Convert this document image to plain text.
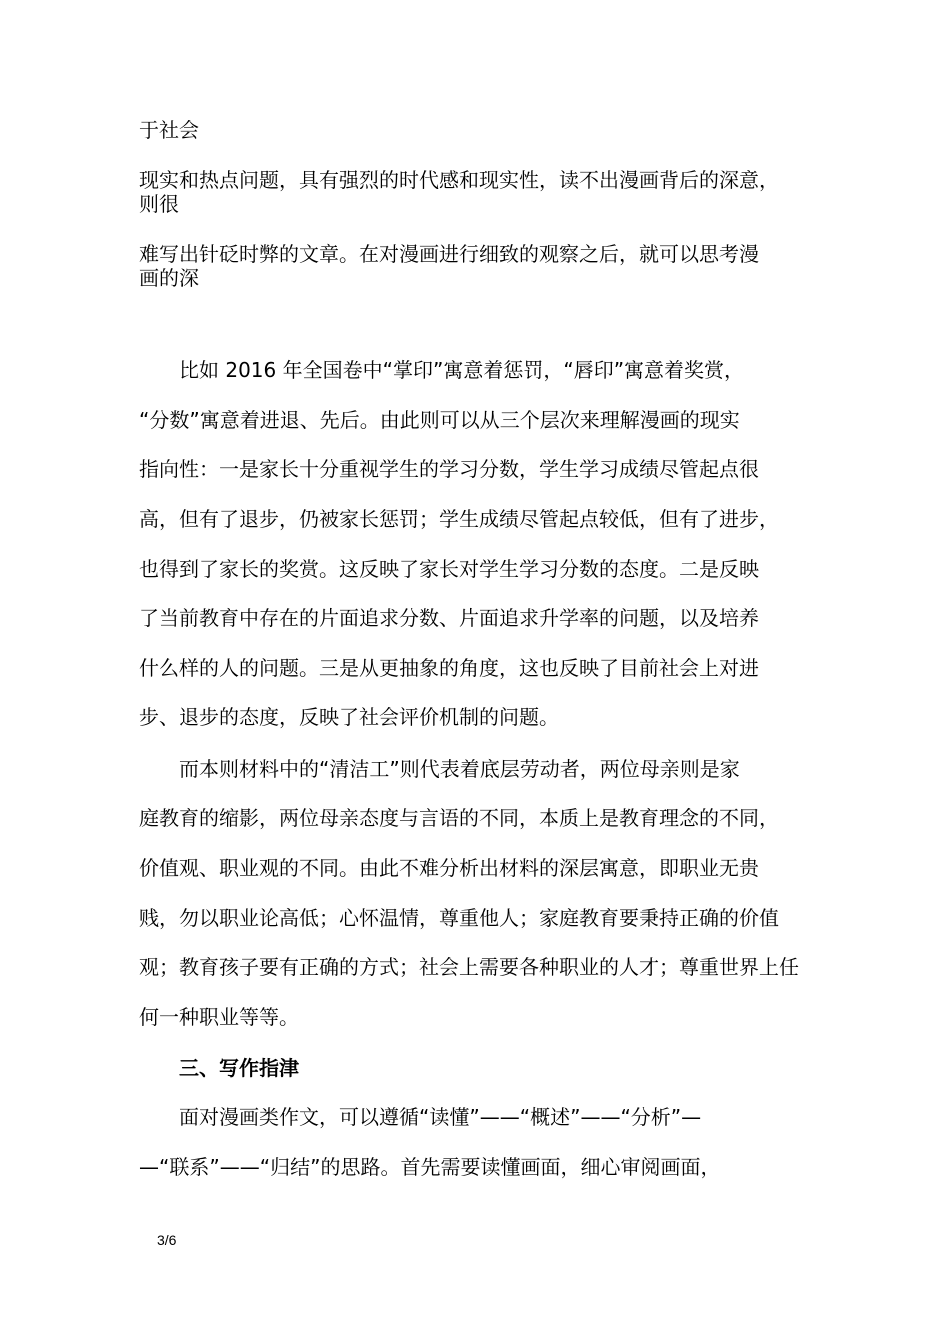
于社会

现实和热点问题，具有强烈的时代感和现实性，读不出漫画背后的深意，

则很

难写出针砭时弊的文章。在对漫画进行细致的观察之后，就可以思考漫

画的深

比如 2016 年全国卷中“掌印”寓意着惩罚，“唇印”寓意着奖赏，

“分数”寓意着进退、先后。由此则可以从三个层次来理解漫画的现实

指向性：一是家长十分重视学生的学习分数，学生学习成绩尽管起点很

高，但有了退步，仍被家长惩罚；学生成绩尽管起点较低，但有了进步，

也得到了家长的奖赏。这反映了家长对学生学习分数的态度。二是反映

了当前教育中存在的片面追求分数、片面追求升学率的问题，以及培养

什么样的人的问题。三是从更抽象的角度，这也反映了目前社会上对进

步、退步的态度，反映了社会评价机制的问题。

而本则材料中的“清洁工”则代表着底层劳动者，两位母亲则是家

庭教育的缩影，两位母亲态度与言语的不同，本质上是教育理念的不同，

价值观、职业观的不同。由此不难分析出材料的深层寓意，即职业无贵

贱，勿以职业论高低；心怀温情，尊重他人；家庭教育要秉持正确的价值

观；教育孩子要有正确的方式；社会上需要各种职业的人才；尊重世界上任

何一种职业等等。

三、写作指津

面对漫画类作文，可以遵循“读懂”——“概述”——“分析”—

—“联系”——“归结”的思路。首先需要读懂画面，细心审阅画面，

3/6
